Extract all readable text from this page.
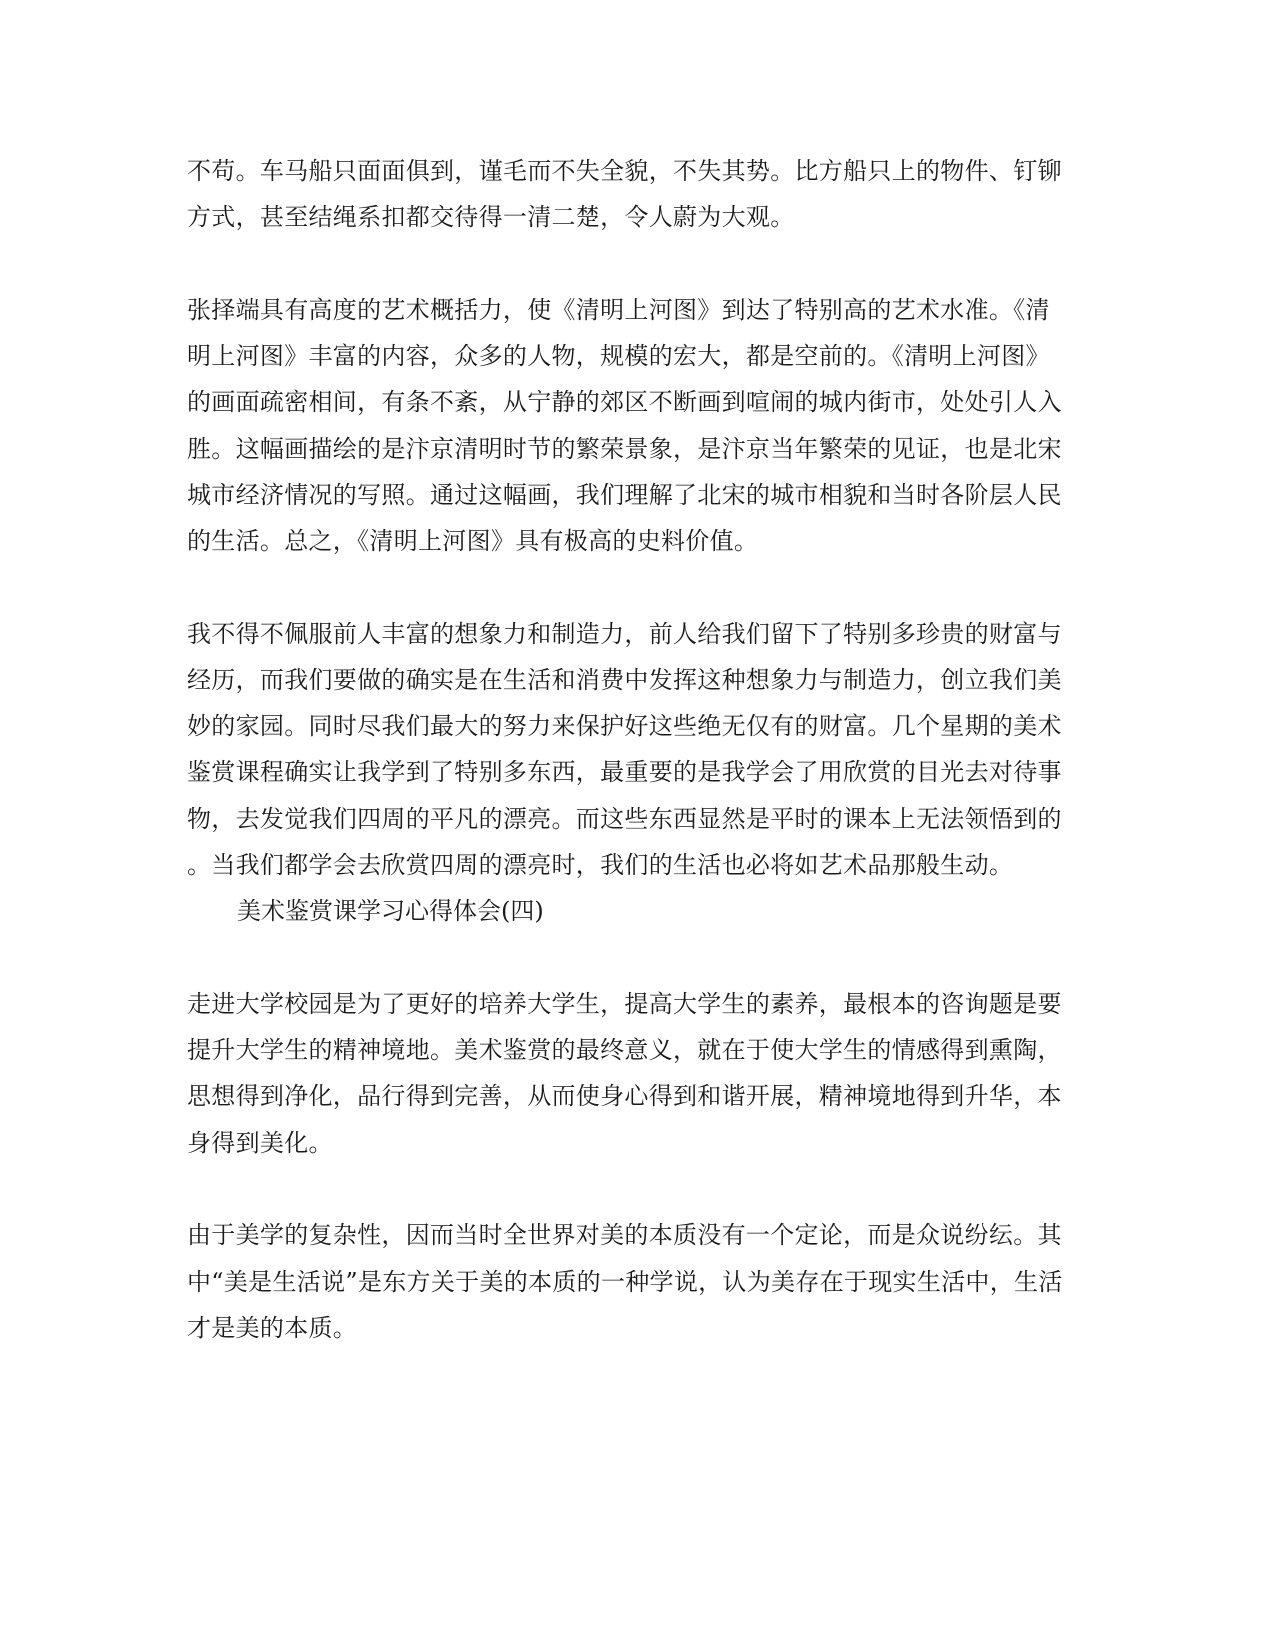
不苟。车马船只面面俱到，谨毛而不失全貌，不失其势。比方船只上的物件、钉铆
方式，甚至结绳系扣都交待得一清二楚，令人蔚为大观。
张择端具有高度的艺术概括力，使《清明上河图》到达了特别高的艺术水准。《清
明上河图》丰富的内容，众多的人物，规模的宏大，都是空前的。《清明上河图》
的画面疏密相间，有条不紊，从宁静的郊区不断画到喧闹的城内街市，处处引人入
胜。这幅画描绘的是汴京清明时节的繁荣景象，是汴京当年繁荣的见证，也是北宋
城市经济情况的写照。通过这幅画，我们理解了北宋的城市相貌和当时各阶层人民
的生活。总之，《清明上河图》具有极高的史料价值。
我不得不佩服前人丰富的想象力和制造力，前人给我们留下了特别多珍贵的财富与
经历，而我们要做的确实是在生活和消费中发挥这种想象力与制造力，创立我们美
妙的家园。同时尽我们最大的努力来保护好这些绝无仅有的财富。几个星期的美术
鉴赏课程确实让我学到了特别多东西，最重要的是我学会了用欣赏的目光去对待事
物，去发觉我们四周的平凡的漂亮。而这些东西显然是平时的课本上无法领悟到的
。当我们都学会去欣赏四周的漂亮时，我们的生活也必将如艺术品那般生动。
美术鉴赏课学习心得体会(四)
走进大学校园是为了更好的培养大学生，提高大学生的素养，最根本的咨询题是要
提升大学生的精神境地。美术鉴赏的最终意义，就在于使大学生的情感得到熏陶，
思想得到净化，品行得到完善，从而使身心得到和谐开展，精神境地得到升华，本
身得到美化。
由于美学的复杂性，因而当时全世界对美的本质没有一个定论，而是众说纷纭。其
中“美是生活说”是东方关于美的本质的一种学说，认为美存在于现实生活中，生活
才是美的本质。
